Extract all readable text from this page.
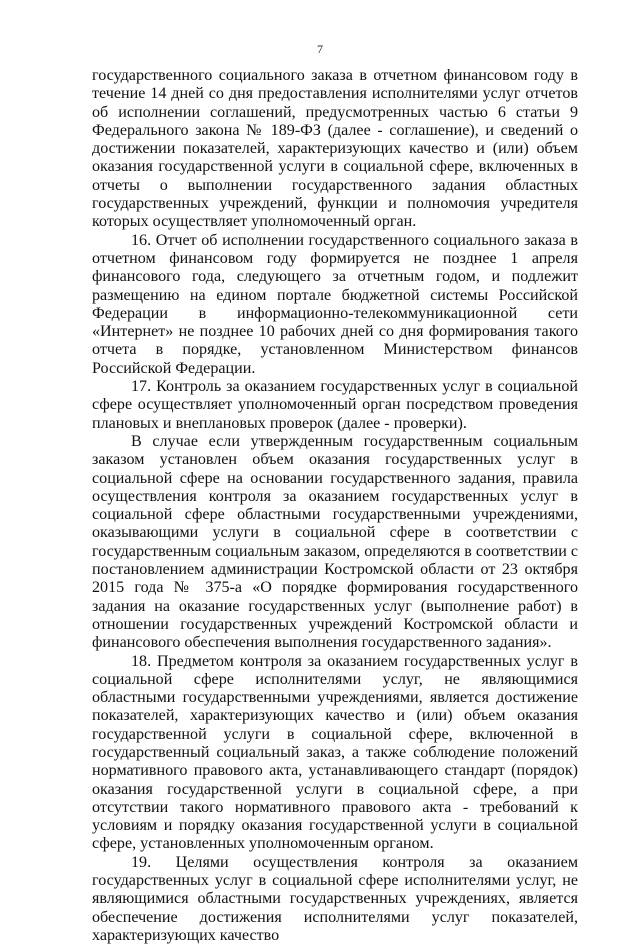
7

государственного социального заказа в отчетном финансовом году в течение 14 дней со дня предоставления исполнителями услуг отчетов об исполнении соглашений, предусмотренных частью 6 статьи 9 Федерального закона № 189-ФЗ (далее - соглашение), и сведений о достижении показателей, характеризующих качество и (или) объем оказания государственной услуги в социальной сфере, включенных в отчеты о выполнении государственного задания областных государственных учреждений, функции и полномочия учредителя которых осуществляет уполномоченный орган.

16. Отчет об исполнении государственного социального заказа в отчетном финансовом году формируется не позднее 1 апреля финансового года, следующего за отчетным годом, и подлежит размещению на едином портале бюджетной системы Российской Федерации в информационно-телекоммуникационной сети «Интернет» не позднее 10 рабочих дней со дня формирования такого отчета в порядке, установленном Министерством финансов Российской Федерации.

17. Контроль за оказанием государственных услуг в социальной сфере осуществляет уполномоченный орган посредством проведения плановых и внеплановых проверок (далее - проверки).

В случае если утвержденным государственным социальным заказом установлен объем оказания государственных услуг в социальной сфере на основании государственного задания, правила осуществления контроля за оказанием государственных услуг в социальной сфере областными государственными учреждениями, оказывающими услуги в социальной сфере в соответствии с государственным социальным заказом, определяются в соответствии с постановлением администрации Костромской области от 23 октября 2015 года № 375-а «О порядке формирования государственного задания на оказание государственных услуг (выполнение работ) в отношении государственных учреждений Костромской области и финансового обеспечения выполнения государственного задания».

18. Предметом контроля за оказанием государственных услуг в социальной сфере исполнителями услуг, не являющимися областными государственными учреждениями, является достижение показателей, характеризующих качество и (или) объем оказания государственной услуги в социальной сфере, включенной в государственный социальный заказ, а также соблюдение положений нормативного правового акта, устанавливающего стандарт (порядок) оказания государственной услуги в социальной сфере, а при отсутствии такого нормативного правового акта - требований к условиям и порядку оказания государственной услуги в социальной сфере, установленных уполномоченным органом.

19. Целями осуществления контроля за оказанием государственных услуг в социальной сфере исполнителями услуг, не являющимися областными государственных учреждениях, является обеспечение достижения исполнителями услуг показателей, характеризующих качество
